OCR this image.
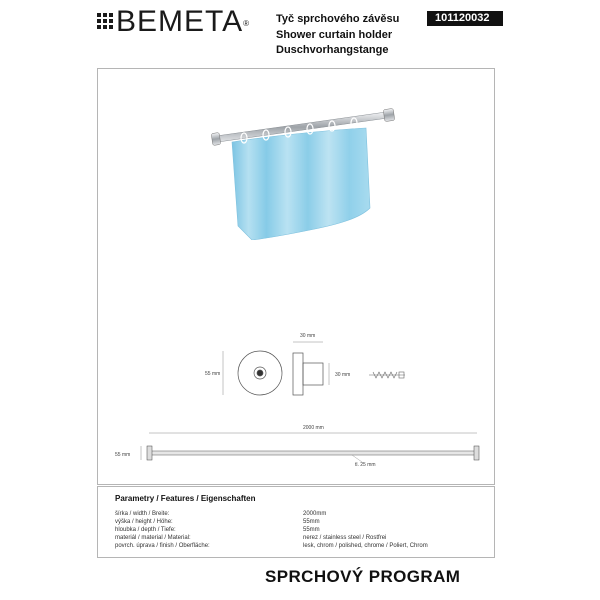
BEMETA® Tyč sprchového závěsu
Shower curtain holder
Duschvorhangstange
101120032
55 mm
30 mm
30 mm
2000 mm
55 mm
tl. 25 mm
Parametry / Features / Eigenschaften
šírka / width / Breite:	2000mm
výška / height / Höhe:	55mm
hloubka / depth / Tiefe:	55mm
materiál / material / Material:	nerez / stainless steel / Rostfrei
povrch. úprava / finish / Oberfläche:	lesk, chrom / polished, chrome / Poliert, Chrom
SPRCHOVÝ PROGRAM
